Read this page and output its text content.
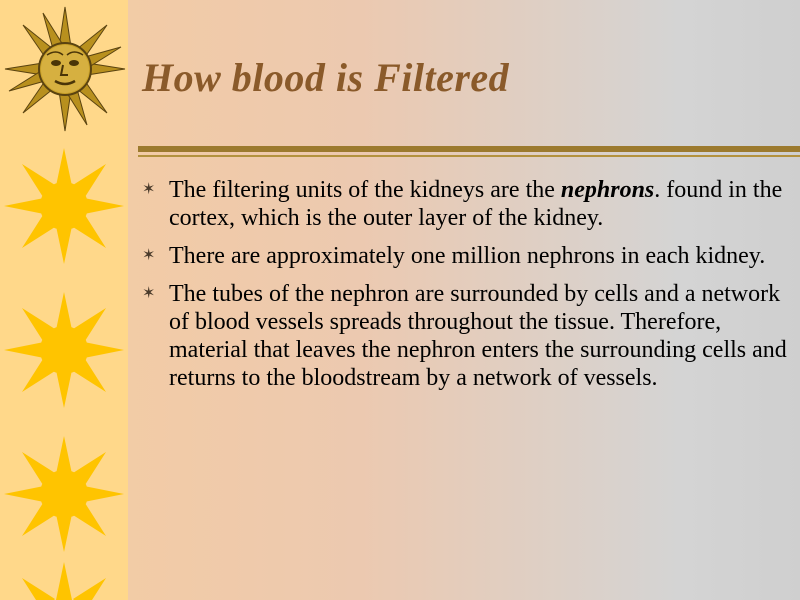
How blood is Filtered
✶ The filtering units of the kidneys are the nephrons. found in the cortex, which is the outer layer of the kidney.
✶ There are approximately one million nephrons in each kidney.
✶ The tubes of the nephron are surrounded by cells and a network of blood vessels spreads throughout the tissue. Therefore, material that leaves the nephron enters the surrounding cells and returns to the bloodstream by a network of vessels.
